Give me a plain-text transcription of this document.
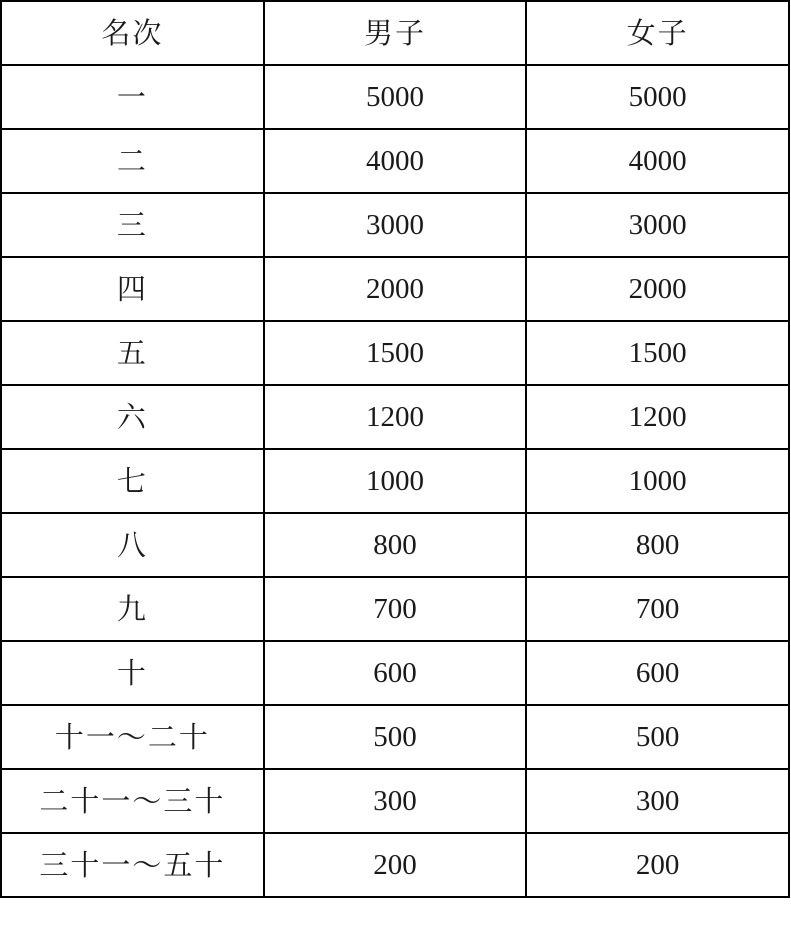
名次	男子	女子
一	5000	5000
二	4000	4000
三	3000	3000
四	2000	2000
五	1500	1500
六	1200	1200
七	1000	1000
八	800	800
九	700	700
十	600	600
十一～二十	500	500
二十一～三十	300	300
三十一～五十	200	200
